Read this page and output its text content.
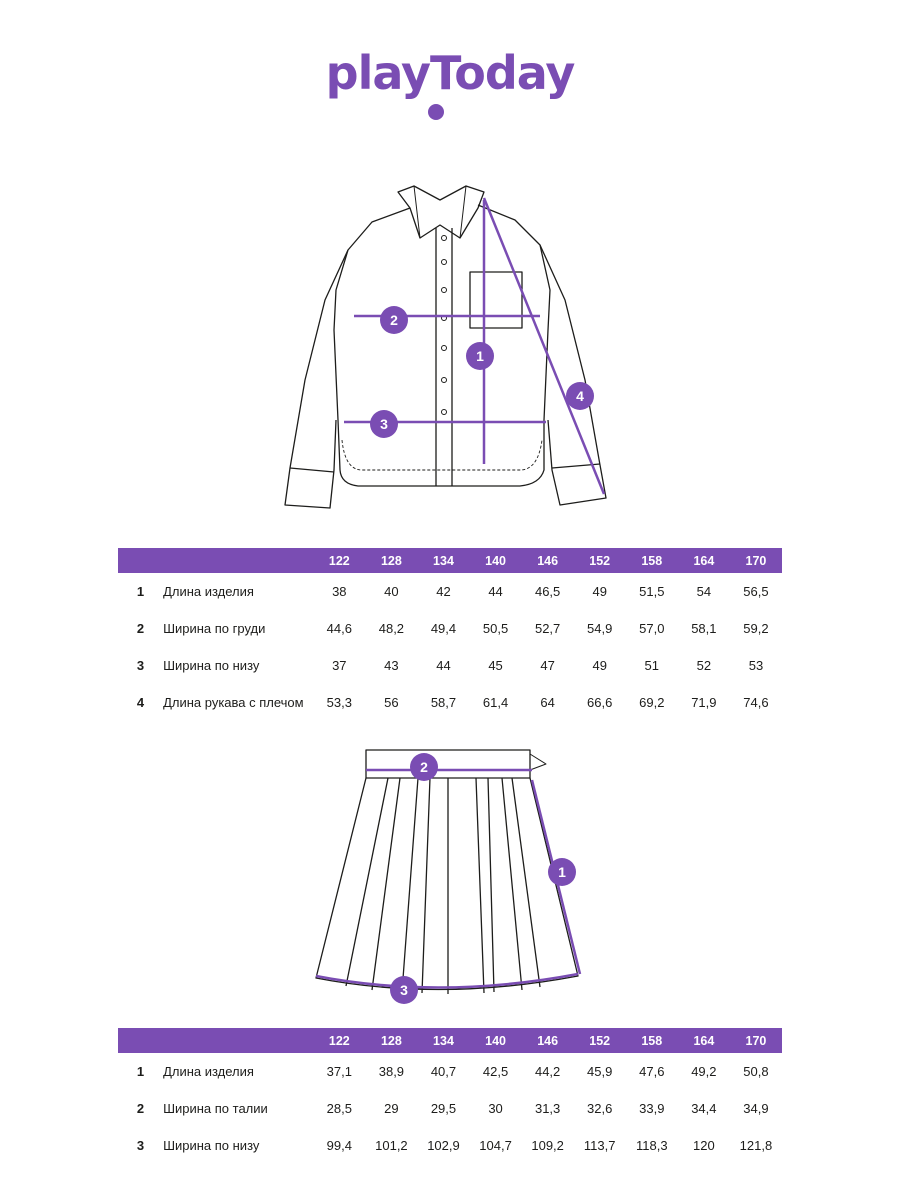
playToday
1
2
3
4
		122	128	134	140	146	152	158	164	170
1	Длина изделия	38	40	42	44	46,5	49	51,5	54	56,5
2	Ширина по груди	44,6	48,2	49,4	50,5	52,7	54,9	57,0	58,1	59,2
3	Ширина по низу	37	43	44	45	47	49	51	52	53
4	Длина рукава с плечом	53,3	56	58,7	61,4	64	66,6	69,2	71,9	74,6
1
2
3
		122	128	134	140	146	152	158	164	170
1	Длина изделия	37,1	38,9	40,7	42,5	44,2	45,9	47,6	49,2	50,8
2	Ширина по талии	28,5	29	29,5	30	31,3	32,6	33,9	34,4	34,9
3	Ширина по низу	99,4	101,2	102,9	104,7	109,2	113,7	118,3	120	121,8
